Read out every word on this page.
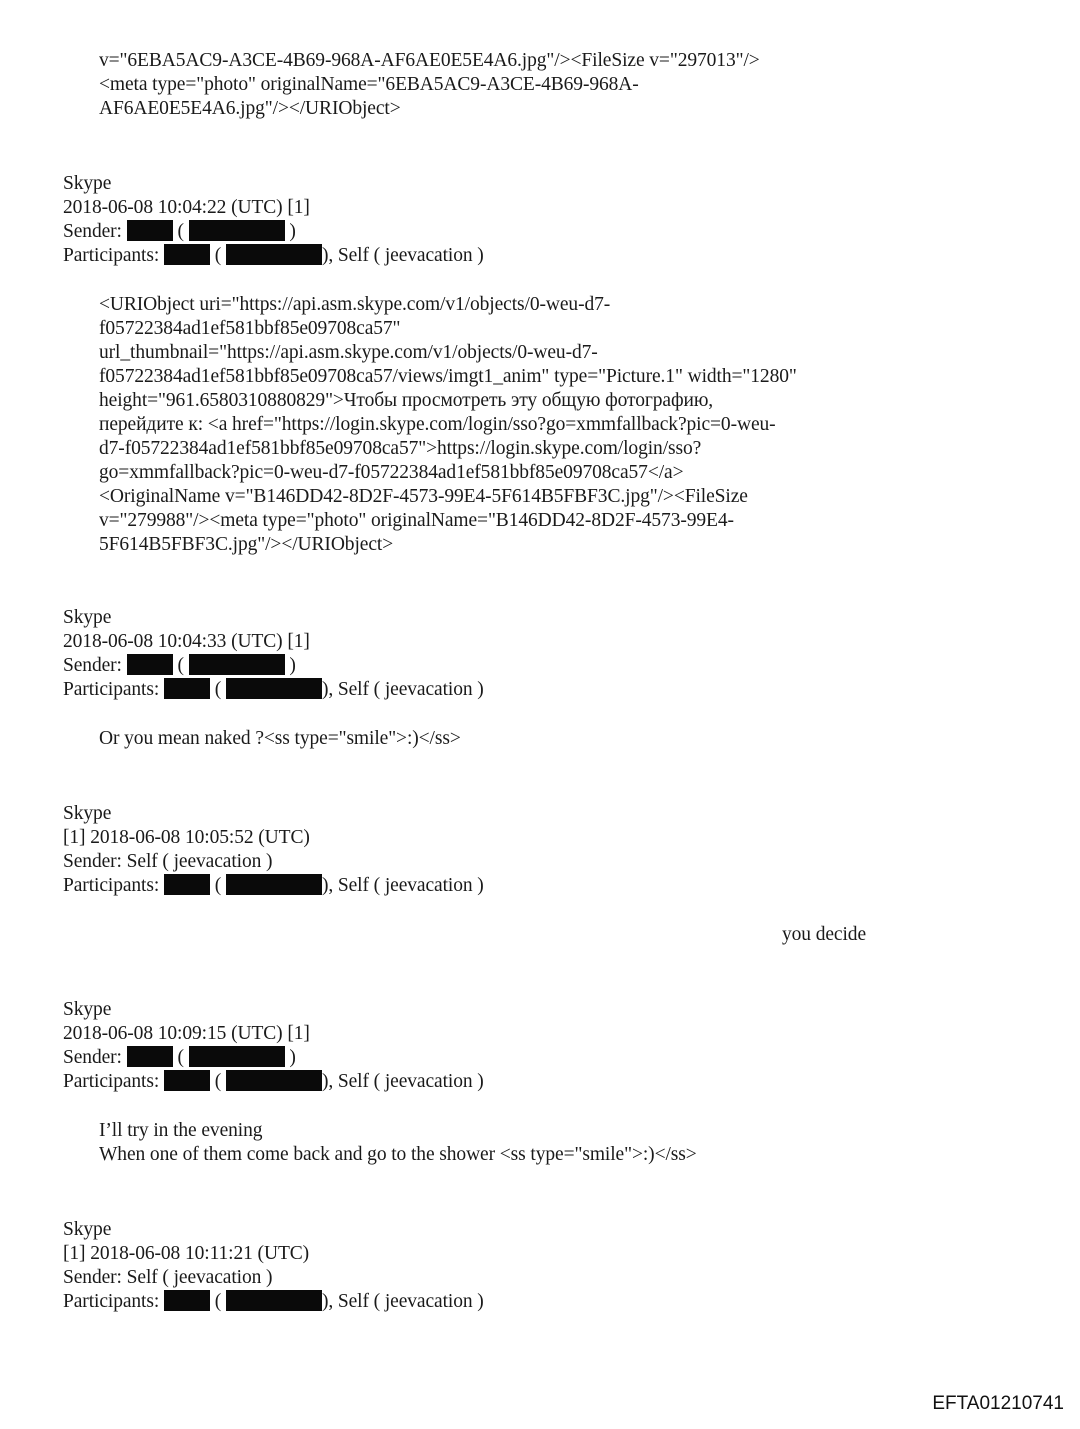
v="6EBA5AC9-A3CE-4B69-968A-AF6AE0E5E4A6.jpg"/><FileSize v="297013"/>
<meta type="photo" originalName="6EBA5AC9-A3CE-4B69-968A-
AF6AE0E5E4A6.jpg"/></URIObject>
Skype
2018-06-08 10:04:22 (UTC) [1]
Sender:	(	)
Participants:	(	), Self ( jeevacation )
<URIObject uri="https://api.asm.skype.com/v1/objects/0-weu-d7-
f05722384ad1ef581bbf85e09708ca57"
url_thumbnail="https://api.asm.skype.com/v1/objects/0-weu-d7-
f05722384ad1ef581bbf85e09708ca57/views/imgt1_anim" type="Picture.1" width="1280"
height="961.6580310880829">Чтобы просмотреть эту общую фотографию,
перейдите к: <a href="https://login.skype.com/login/sso?go=xmmfallback?pic=0-weu-
d7-f05722384ad1ef581bbf85e09708ca57">https://login.skype.com/login/sso?
go=xmmfallback?pic=0-weu-d7-f05722384ad1ef581bbf85e09708ca57</a>
<OriginalName v="B146DD42-8D2F-4573-99E4-5F614B5FBF3C.jpg"/><FileSize
v="279988"/><meta type="photo" originalName="B146DD42-8D2F-4573-99E4-
5F614B5FBF3C.jpg"/></URIObject>
Skype
2018-06-08 10:04:33 (UTC) [1]
Sender:	(	)
Participants:	(	), Self ( jeevacation )
Or you mean naked ?<ss type="smile">:)</ss>
Skype
[1] 2018-06-08 10:05:52 (UTC)
Sender: Self ( jeevacation )
Participants:	(	), Self ( jeevacation )
you decide
Skype
2018-06-08 10:09:15 (UTC) [1]
Sender:	(	)
Participants:	(	), Self ( jeevacation )
I’ll try in the evening
When one of them come back and go to the shower <ss type="smile">:)</ss>
Skype
[1] 2018-06-08 10:11:21 (UTC)
Sender: Self ( jeevacation )
Participants:	(	), Self ( jeevacation )
EFTA01210741
